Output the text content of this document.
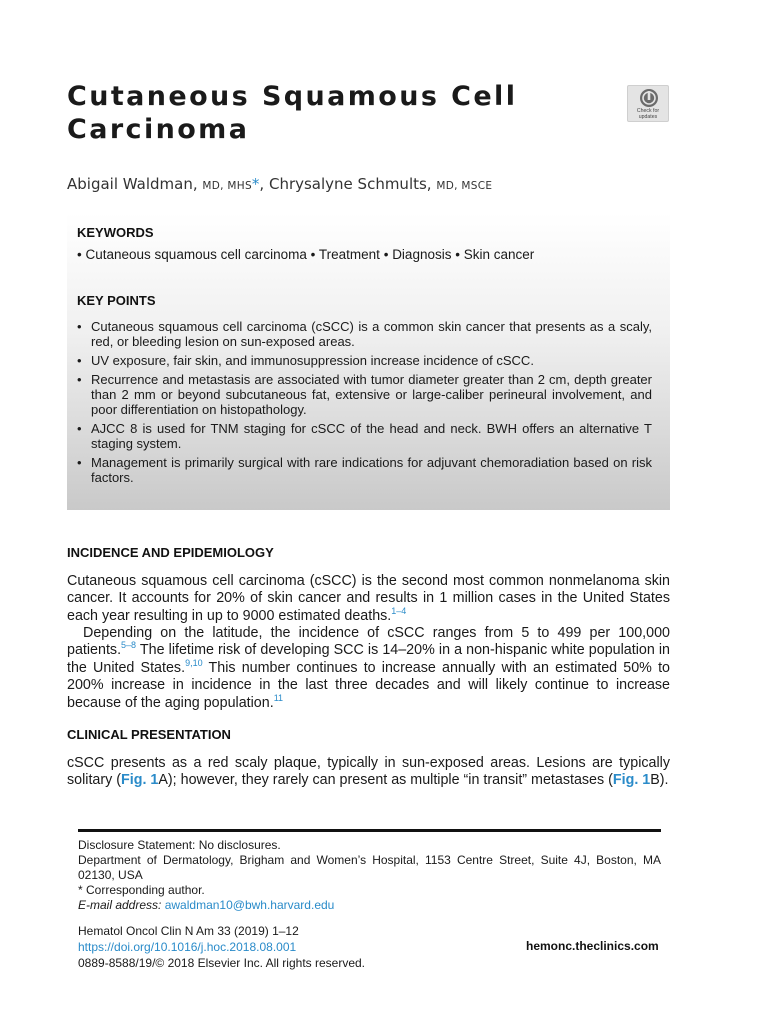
Cutaneous Squamous Cell
Carcinoma
Check for
updates
Abigail Waldman, MD, MHS*, Chrysalyne Schmults, MD, MSCE
KEYWORDS
• Cutaneous squamous cell carcinoma • Treatment • Diagnosis • Skin cancer
KEY POINTS
• Cutaneous squamous cell carcinoma (cSCC) is a common skin cancer that presents as a scaly, red, or bleeding lesion on sun-exposed areas.
• UV exposure, fair skin, and immunosuppression increase incidence of cSCC.
• Recurrence and metastasis are associated with tumor diameter greater than 2 cm, depth greater than 2 mm or beyond subcutaneous fat, extensive or large-caliber perineural involvement, and poor differentiation on histopathology.
• AJCC 8 is used for TNM staging for cSCC of the head and neck. BWH offers an alternative T staging system.
• Management is primarily surgical with rare indications for adjuvant chemoradiation based on risk factors.
INCIDENCE AND EPIDEMIOLOGY

Cutaneous squamous cell carcinoma (cSCC) is the second most common nonmelanoma skin cancer. It accounts for 20% of skin cancer and results in 1 million cases in the United States each year resulting in up to 9000 estimated deaths.$^{1-4}$

Depending on the latitude, the incidence of cSCC ranges from 5 to 499 per 100,000 patients.$^{5-8}$ The lifetime risk of developing SCC is 14–20% in a non-hispanic white population in the United States.$^{9,10}$ This number continues to increase annually with an estimated 50% to 200% increase in incidence in the last three decades and will likely continue to increase because of the aging population.$^{11}$

CLINICAL PRESENTATION

cSCC presents as a red scaly plaque, typically in sun-exposed areas. Lesions are typically solitary (Fig. 1A); however, they rarely can present as multiple “in transit” metastases (Fig. 1B).

Disclosure Statement: No disclosures.
Department of Dermatology, Brigham and Women’s Hospital, 1153 Centre Street, Suite 4J, Boston, MA 02130, USA
* Corresponding author.
E-mail address: awaldman10@bwh.harvard.edu
Hematol Oncol Clin N Am 33 (2019) 1–12
https://doi.org/10.1016/j.hoc.2018.08.001
0889-8588/19/© 2018 Elsevier Inc. All rights reserved.
hemonc.theclinics.com
